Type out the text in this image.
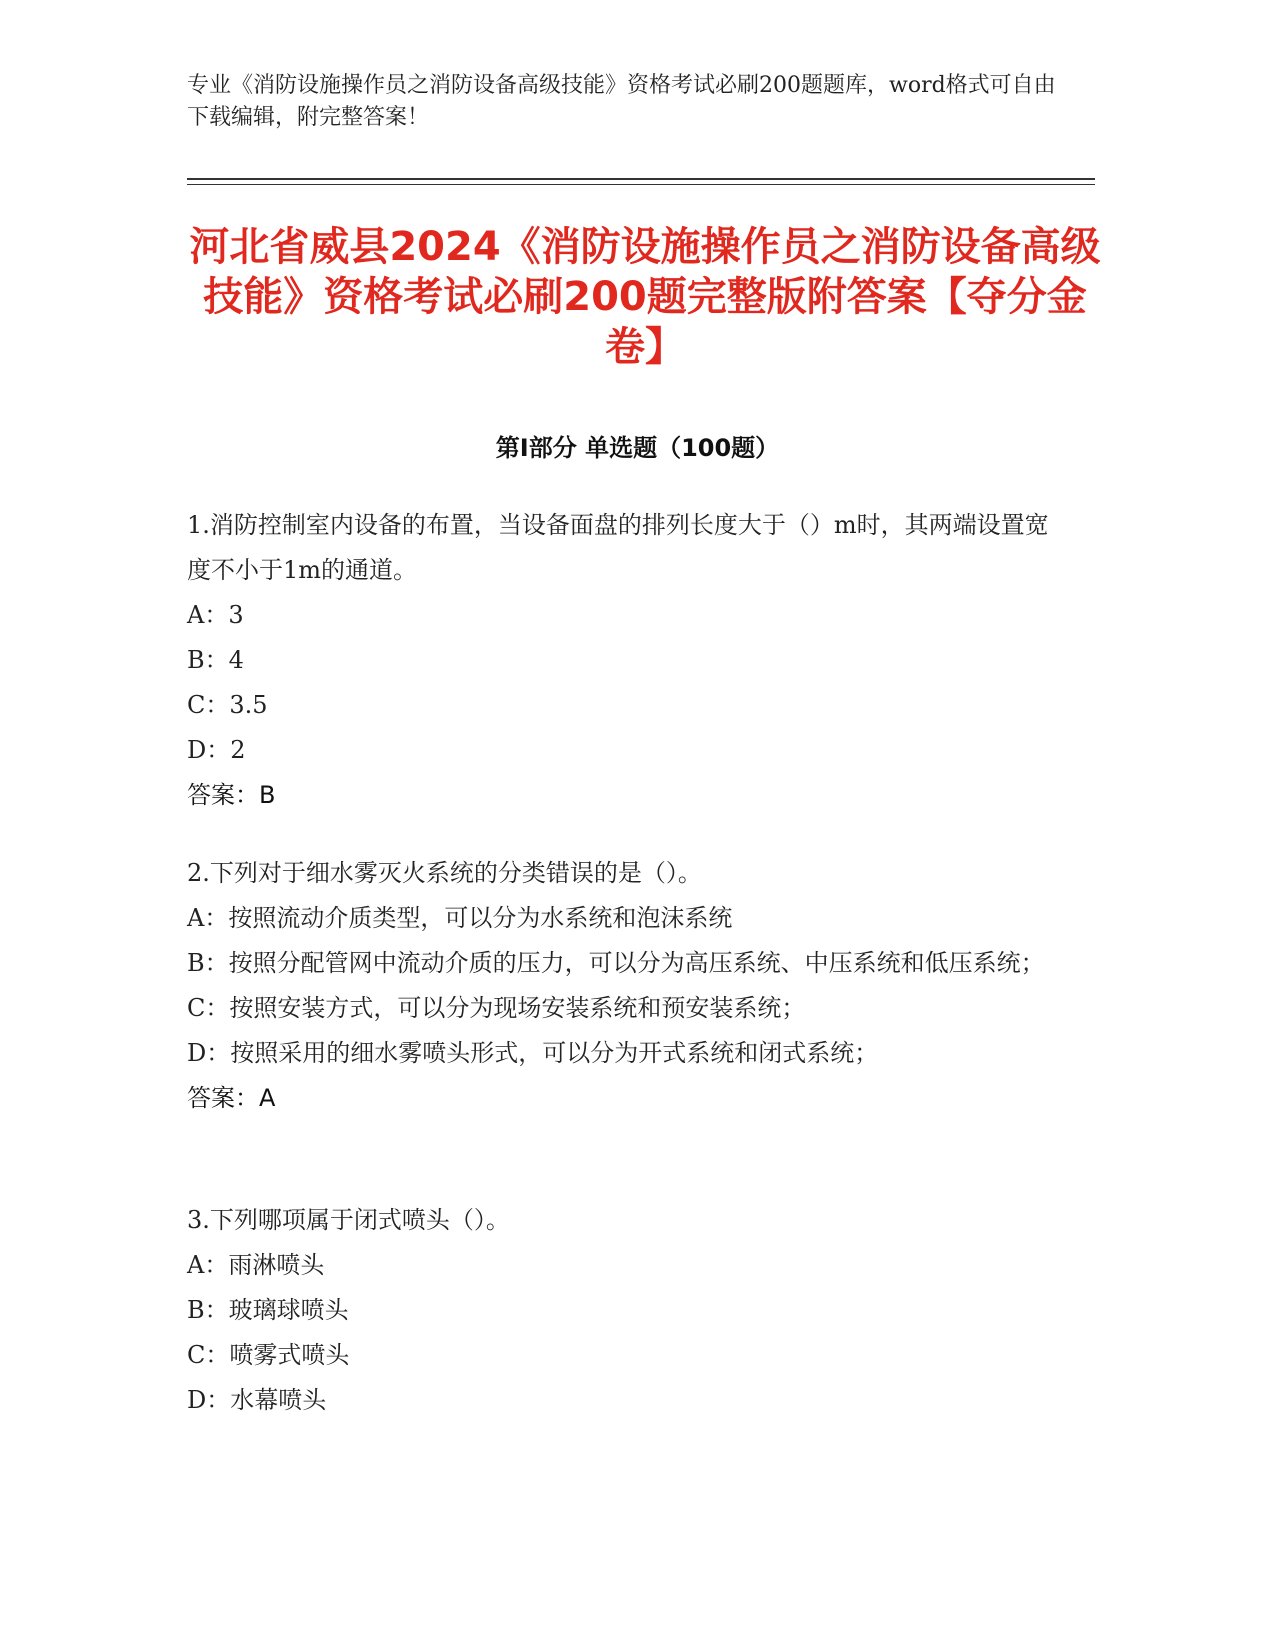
专业《消防设施操作员之消防设备高级技能》资格考试必刷200题题库，word格式可自由下载编辑，附完整答案！
河北省威县2024《消防设施操作员之消防设备高级技能》资格考试必刷200题完整版附答案【夺分金卷】
第Ⅰ部分 单选题（100题）

1.消防控制室内设备的布置，当设备面盘的排列长度大于（）m时，其两端设置宽度不小于1m的通道。

A：3

B：4

C：3.5

D：2

答案：B

2.下列对于细水雾灭火系统的分类错误的是（）。

A：按照流动介质类型，可以分为水系统和泡沫系统

B：按照分配管网中流动介质的压力，可以分为高压系统、中压系统和低压系统；

C：按照安装方式，可以分为现场安装系统和预安装系统；

D：按照采用的细水雾喷头形式，可以分为开式系统和闭式系统；

答案：A

3.下列哪项属于闭式喷头（）。

A：雨淋喷头

B：玻璃球喷头

C：喷雾式喷头

D：水幕喷头
